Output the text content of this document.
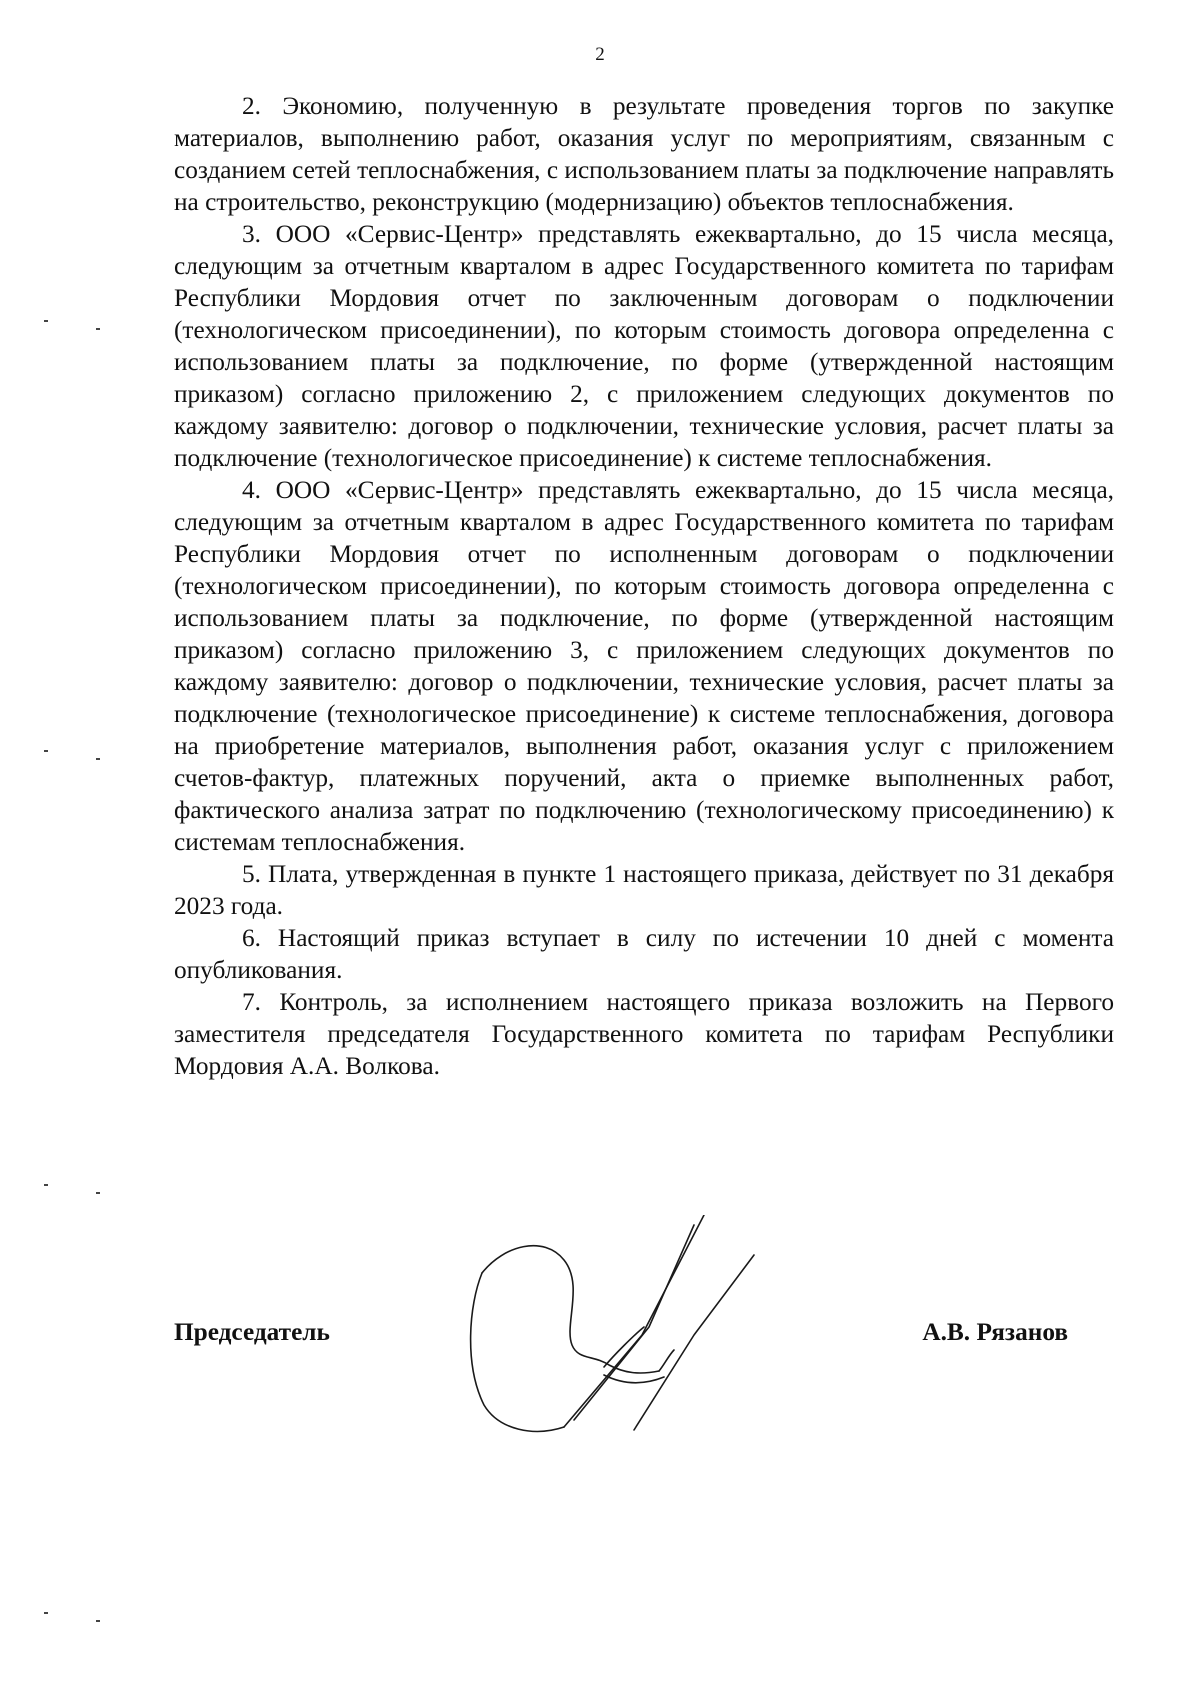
2

2. Экономию, полученную в результате проведения торгов по закупке материалов, выполнению работ, оказания услуг по мероприятиям, связанным с созданием сетей теплоснабжения, с использованием платы за подключение направлять на строительство, реконструкцию (модернизацию) объектов теплоснабжения.

3. ООО «Сервис-Центр» представлять ежеквартально, до 15 числа месяца, следующим за отчетным кварталом в адрес Государственного комитета по тарифам Республики Мордовия отчет по заключенным договорам о подключении (технологическом присоединении), по которым стоимость договора определенна с использованием платы за подключение, по форме (утвержденной настоящим приказом) согласно приложению 2, с приложением следующих документов по каждому заявителю: договор о подключении, технические условия, расчет платы за подключение (технологическое присоединение) к системе теплоснабжения.

4. ООО «Сервис-Центр» представлять ежеквартально, до 15 числа месяца, следующим за отчетным кварталом в адрес Государственного комитета по тарифам Республики Мордовия отчет по исполненным договорам о подключении (технологическом присоединении), по которым стоимость договора определенна с использованием платы за подключение, по форме (утвержденной настоящим приказом) согласно приложению 3, с приложением следующих документов по каждому заявителю: договор о подключении, технические условия, расчет платы за подключение (технологическое присоединение) к системе теплоснабжения, договора на приобретение материалов, выполнения работ, оказания услуг с приложением счетов-фактур, платежных поручений, акта о приемке выполненных работ, фактического анализа затрат по подключению (технологическому присоединению) к системам теплоснабжения.

5. Плата, утвержденная в пункте 1 настоящего приказа, действует по 31 декабря 2023 года.

6. Настоящий приказ вступает в силу по истечении 10 дней с момента опубликования.

7. Контроль, за исполнением настоящего приказа возложить на Первого заместителя председателя Государственного комитета по тарифам Республики Мордовия А.А. Волкова.

Председатель	А.В. Рязанов
